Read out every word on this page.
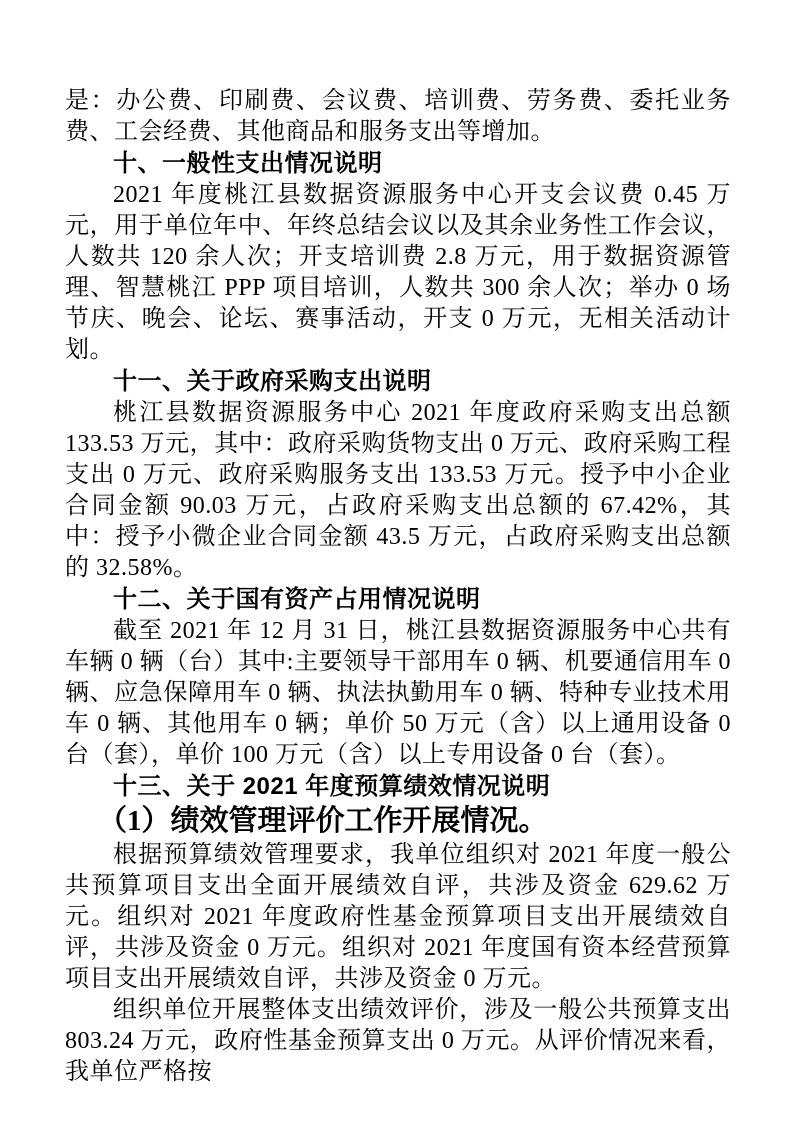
是：办公费、印刷费、会议费、培训费、劳务费、委托业务费、工会经费、其他商品和服务支出等增加。

十、一般性支出情况说明

2021 年度桃江县数据资源服务中心开支会议费 0.45 万元，用于单位年中、年终总结会议以及其余业务性工作会议，人数共 120 余人次；开支培训费 2.8 万元，用于数据资源管理、智慧桃江 PPP 项目培训，人数共 300 余人次；举办 0 场节庆、晚会、论坛、赛事活动，开支 0 万元，无相关活动计划。

十一、关于政府采购支出说明

桃江县数据资源服务中心 2021 年度政府采购支出总额 133.53 万元，其中：政府采购货物支出 0 万元、政府采购工程支出 0 万元、政府采购服务支出 133.53 万元。授予中小企业合同金额 90.03 万元，占政府采购支出总额的 67.42%，其中：授予小微企业合同金额 43.5 万元，占政府采购支出总额的 32.58%。

十二、关于国有资产占用情况说明

截至 2021 年 12 月 31 日，桃江县数据资源服务中心共有车辆 0 辆（台）其中:主要领导干部用车 0 辆、机要通信用车 0 辆、应急保障用车 0 辆、执法执勤用车 0 辆、特种专业技术用车 0 辆、其他用车 0 辆；单价 50 万元（含）以上通用设备 0 台（套），单价 100 万元（含）以上专用设备 0 台（套）。

十三、关于 2021 年度预算绩效情况说明
（1）绩效管理评价工作开展情况。

根据预算绩效管理要求，我单位组织对 2021 年度一般公共预算项目支出全面开展绩效自评，共涉及资金 629.62 万元。组织对 2021 年度政府性基金预算项目支出开展绩效自评，共涉及资金 0 万元。组织对 2021 年度国有资本经营预算项目支出开展绩效自评，共涉及资金 0 万元。

组织单位开展整体支出绩效评价，涉及一般公共预算支出 803.24 万元，政府性基金预算支出 0 万元。从评价情况来看，我单位严格按
